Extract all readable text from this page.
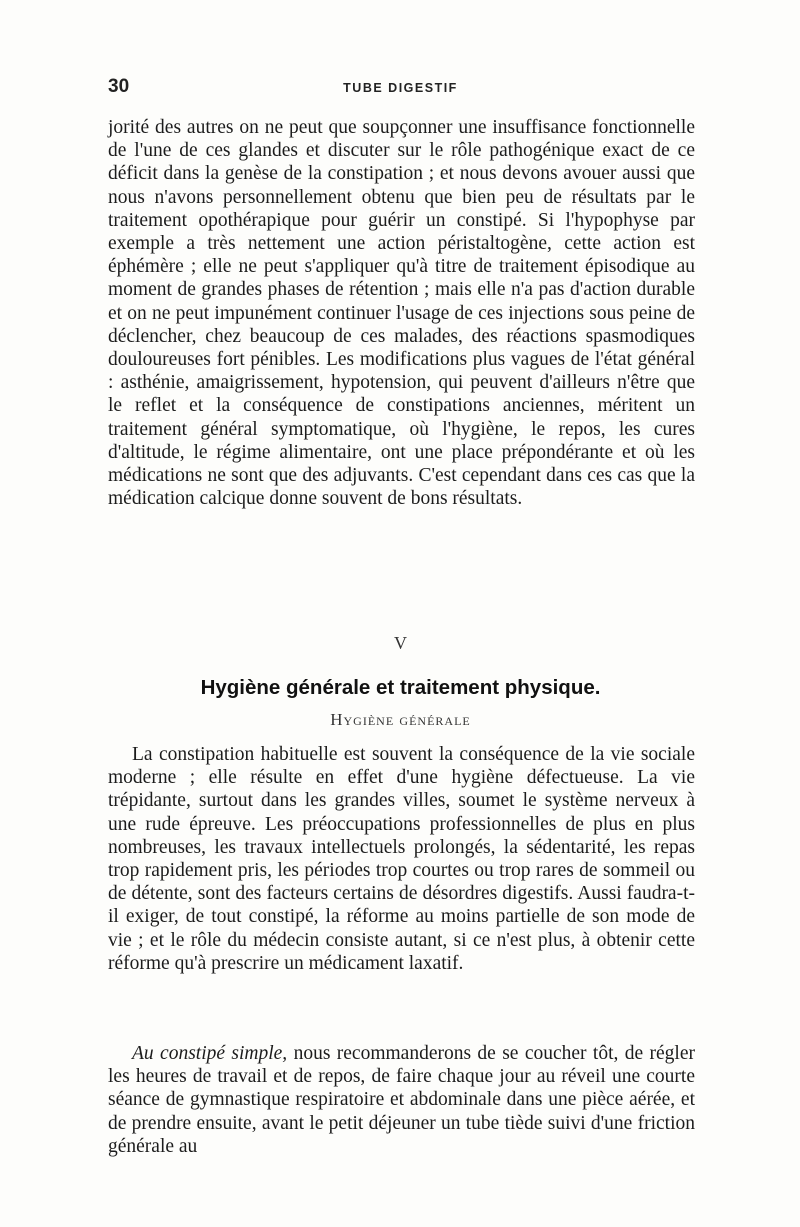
30	TUBE DIGESTIF

jorité des autres on ne peut que soupçonner une insuffisance fonctionnelle de l'une de ces glandes et discuter sur le rôle pathogénique exact de ce déficit dans la genèse de la constipation ; et nous devons avouer aussi que nous n'avons personnellement obtenu que bien peu de résultats par le traitement opothérapique pour guérir un constipé. Si l'hypophyse par exemple a très nettement une action péristaltogène, cette action est éphémère ; elle ne peut s'appliquer qu'à titre de traitement épisodique au moment de grandes phases de rétention ; mais elle n'a pas d'action durable et on ne peut impunément continuer l'usage de ces injections sous peine de déclencher, chez beaucoup de ces malades, des réactions spasmodiques douloureuses fort pénibles. Les modifications plus vagues de l'état général : asthénie, amaigrissement, hypotension, qui peuvent d'ailleurs n'être que le reflet et la conséquence de constipations anciennes, méritent un traitement général symptomatique, où l'hygiène, le repos, les cures d'altitude, le régime alimentaire, ont une place prépondérante et où les médications ne sont que des adjuvants. C'est cependant dans ces cas que la médication calcique donne souvent de bons résultats.

V
Hygiène générale et traitement physique.
Hygiène générale

La constipation habituelle est souvent la conséquence de la vie sociale moderne ; elle résulte en effet d'une hygiène défectueuse. La vie trépidante, surtout dans les grandes villes, soumet le système nerveux à une rude épreuve. Les préoccupations professionnelles de plus en plus nombreuses, les travaux intellectuels prolongés, la sédentarité, les repas trop rapidement pris, les périodes trop courtes ou trop rares de sommeil ou de détente, sont des facteurs certains de désordres digestifs. Aussi faudra-t-il exiger, de tout constipé, la réforme au moins partielle de son mode de vie ; et le rôle du médecin consiste autant, si ce n'est plus, à obtenir cette réforme qu'à prescrire un médicament laxatif.

Au constipé simple, nous recommanderons de se coucher tôt, de régler les heures de travail et de repos, de faire chaque jour au réveil une courte séance de gymnastique respiratoire et abdominale dans une pièce aérée, et de prendre ensuite, avant le petit déjeuner un tube tiède suivi d'une friction générale au
